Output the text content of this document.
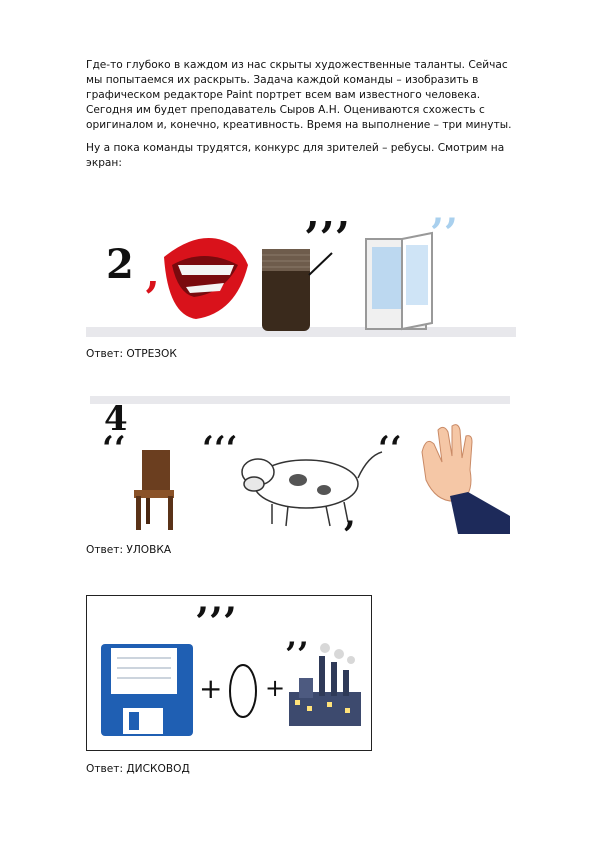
Где-то глубоко в каждом из нас скрыты художественные таланты. Сейчас мы попытаемся их раскрыть. Задача каждой команды – изобразить в графическом редакторе Paint портрет всем вам известного человека. Сегодня им будет преподаватель Сыров А.Н. Оцениваются схожесть с оригиналом и, конечно, креативность. Время на выполнение – три минуты.

Ну а пока команды трудятся, конкурс для зрителей – ребусы. Смотрим на экран:

2
’
’’’ ’’

Ответ: ОТРЕЗОК

4
‘‘ ‘‘‘
,
‘‘

Ответ: УЛОВКА

’’’
+ +
’’

Ответ: ДИСКОВОД
